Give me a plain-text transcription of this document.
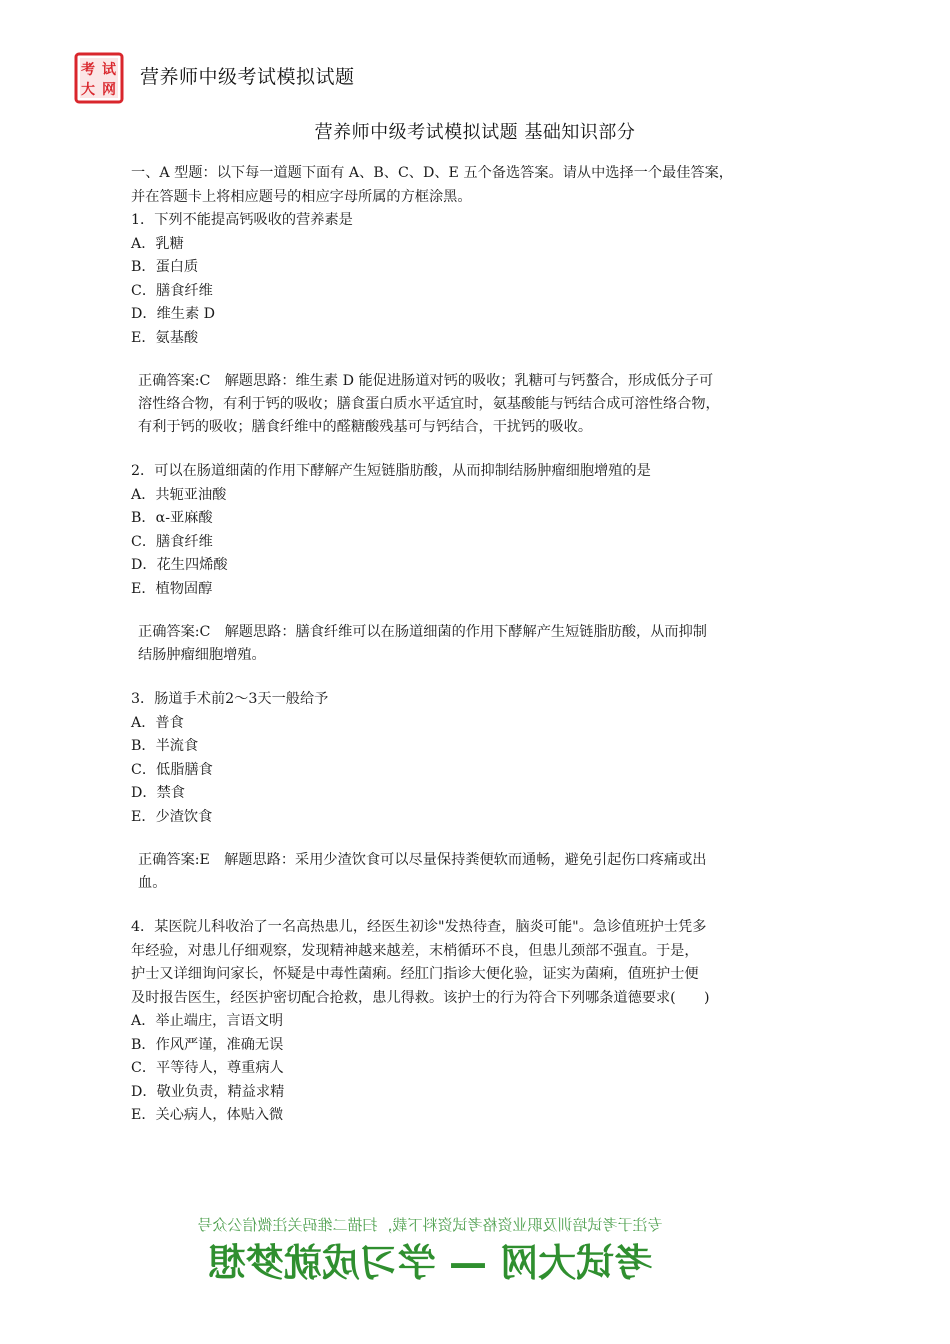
考 试
大 网
营养师中级考试模拟试题
营养师中级考试模拟试题 基础知识部分
一、A 型题：以下每一道题下面有 A、B、C、D、E 五个备选答案。请从中选择一个最佳答案，
并在答题卡上将相应题号的相应字母所属的方框涂黑。
1．下列不能提高钙吸收的营养素是
A．乳糖
B．蛋白质
C．膳食纤维
D．维生素 D
E．氨基酸
正确答案:C　解题思路：维生素 D 能促进肠道对钙的吸收；乳糖可与钙螯合，形成低分子可
溶性络合物，有利于钙的吸收；膳食蛋白质水平适宜时，氨基酸能与钙结合成可溶性络合物，
有利于钙的吸收；膳食纤维中的醛糖酸残基可与钙结合，干扰钙的吸收。
2．可以在肠道细菌的作用下酵解产生短链脂肪酸，从而抑制结肠肿瘤细胞增殖的是
A．共轭亚油酸
B．α-亚麻酸
C．膳食纤维
D．花生四烯酸
E．植物固醇
正确答案:C　解题思路：膳食纤维可以在肠道细菌的作用下酵解产生短链脂肪酸，从而抑制
结肠肿瘤细胞增殖。
3．肠道手术前2～3天一般给予
A．普食
B．半流食
C．低脂膳食
D．禁食
E．少渣饮食
正确答案:E　解题思路：采用少渣饮食可以尽量保持粪便软而通畅，避免引起伤口疼痛或出
血。
4．某医院儿科收治了一名高热患儿，经医生初诊"发热待查，脑炎可能"。急诊值班护士凭多
年经验，对患儿仔细观察，发现精神越来越差，末梢循环不良，但患儿颈部不强直。于是，
护士又详细询问家长，怀疑是中毒性菌痢。经肛门指诊大便化验，证实为菌痢，值班护士便
及时报告医生，经医护密切配合抢救，患儿得救。该护士的行为符合下列哪条道德要求(　　)
A．举止端庄，言语文明
B．作风严谨，准确无误
C．平等待人，尊重病人
D．敬业负责，精益求精
E．关心病人，体贴入微
专注于考试培训及职业资格考试资料下载，扫描二维码关注微信公众号
考试大网 — 学习成就梦想
